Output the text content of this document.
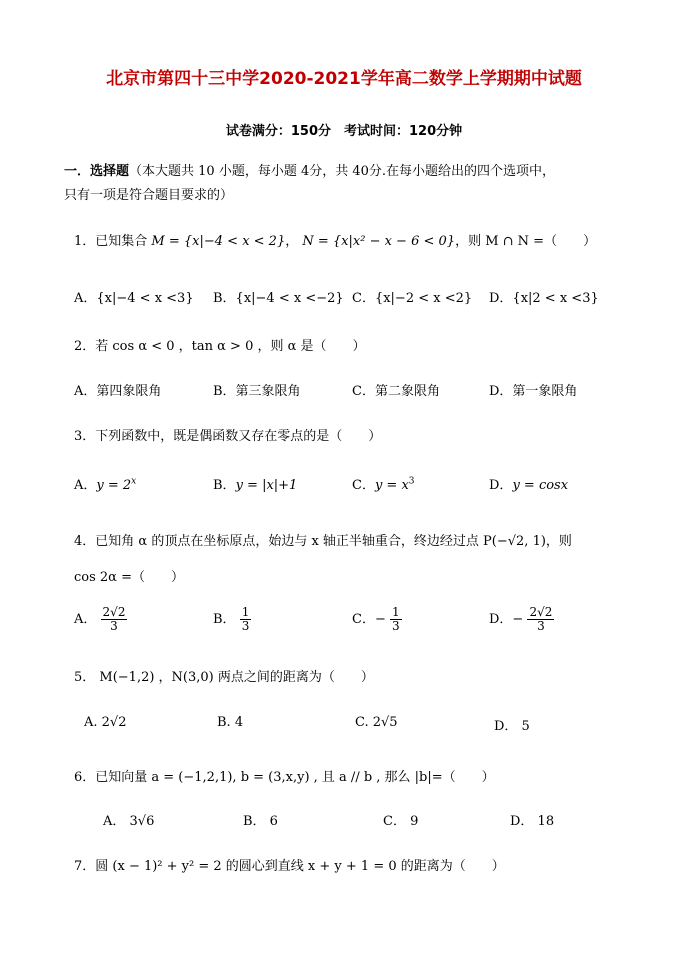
北京市第四十三中学2020-2021学年高二数学上学期期中试题
试卷满分：150分　考试时间：120分钟
一．选择题（本大题共 10 小题，每小题 4分，共 40分.在每小题给出的四个选项中，
只有一项是符合题目要求的）
1．已知集合 M = {x|−4 < x < 2}， N = {x|x² − x − 6 < 0}，则 M ∩ N =（　　）
A．{x|−4 < x <3} B．{x|−4 < x <−2} C．{x|−2 < x <2} D．{x|2 < x <3}
2．若 cos α < 0 ，tan α > 0 ，则 α 是（　　）
A．第四象限角	B．第三象限角	C．第二象限角	D．第一象限角
3．下列函数中，既是偶函数又存在零点的是（　　）
A．$y = 2^x$	B．y = |x|+1	C．$y = x^3$	D．y = cosx
4．已知角 α 的顶点在坐标原点，始边与 x 轴正半轴重合，终边经过点 P(−√2, 1)，则
cos 2α =（　　）
A． $\frac{2√2}{3}$	B． $\frac{1}{3}$	C．− $\frac{1}{3}$	D．− $\frac{2√2}{3}$
5． M(−1,2) ，N(3,0) 两点之间的距离为（　　）
A. 2√2	B. 4	C. 2√5	D． 5
6．已知向量 a = (−1,2,1), b = (3,x,y) , 且 a // b , 那么 |b|=（　　）
A． 3√6	B． 6	C． 9	D． 18
7．圆 (x − 1)² + y² = 2 的圆心到直线 x + y + 1 = 0 的距离为（　　）
